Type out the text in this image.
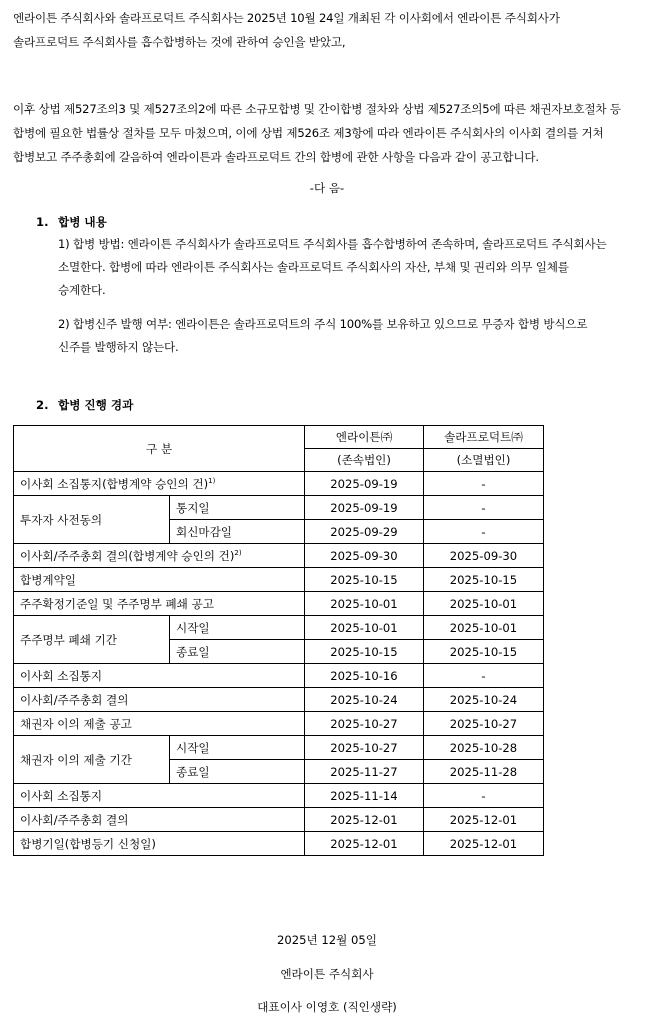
엔라이튼 주식회사와 솔라프로덕트 주식회사는 2025년 10월 24일 개최된 각 이사회에서 엔라이튼 주식회사가

솔라프로덕트 주식회사를 흡수합병하는 것에 관하여 승인을 받았고,

이후 상법 제527조의3 및 제527조의2에 따른 소규모합병 및 간이합병 절차와 상법 제527조의5에 따른 채권자보호절차 등

합병에 필요한 법률상 절차를 모두 마쳤으며, 이에 상법 제526조 제3항에 따라 엔라이튼 주식회사의 이사회 결의를 거쳐

합병보고 주주총회에 갈음하여 엔라이튼과 솔라프로덕트 간의 합병에 관한 사항을 다음과 같이 공고합니다.

-다 음-
1. 합병 내용

1) 합병 방법: 엔라이튼 주식회사가 솔라프로덕트 주식회사를 흡수합병하여 존속하며, 솔라프로덕트 주식회사는

소멸한다. 합병에 따라 엔라이튼 주식회사는 솔라프로덕트 주식회사의 자산, 부채 및 권리와 의무 일체를

승계한다.

2) 합병신주 발행 여부: 엔라이튼은 솔라프로덕트의 주식 100%를 보유하고 있으므로 무증자 합병 방식으로

신주를 발행하지 않는다.

2. 합병 진행 경과
구 분		엔라이튼㈜	솔라프로덕트㈜
		(존속법인)	(소멸법인)
이사회 소집통지(합병계약 승인의 건)$^{1)}$		2025-09-19	-
투자자 사전동의	통지일	2025-09-19	-
	회신마감일	2025-09-29	-
이사회/주주총회 결의(합병계약 승인의 건)$^{2)}$		2025-09-30	2025-09-30
합병계약일		2025-10-15	2025-10-15
주주확정기준일 및 주주명부 폐쇄 공고		2025-10-01	2025-10-01
주주명부 폐쇄 기간	시작일	2025-10-01	2025-10-01
	종료일	2025-10-15	2025-10-15
이사회 소집통지		2025-10-16	-
이사회/주주총회 결의		2025-10-24	2025-10-24
채권자 이의 제출 공고		2025-10-27	2025-10-27
채권자 이의 제출 기간	시작일	2025-10-27	2025-10-28
	종료일	2025-11-27	2025-11-28
이사회 소집통지		2025-11-14	-
이사회/주주총회 결의		2025-12-01	2025-12-01
합병기일(합병등기 신청일)		2025-12-01	2025-12-01
2025년 12월 05일
엔라이튼 주식회사
대표이사 이영호 (직인생략)
